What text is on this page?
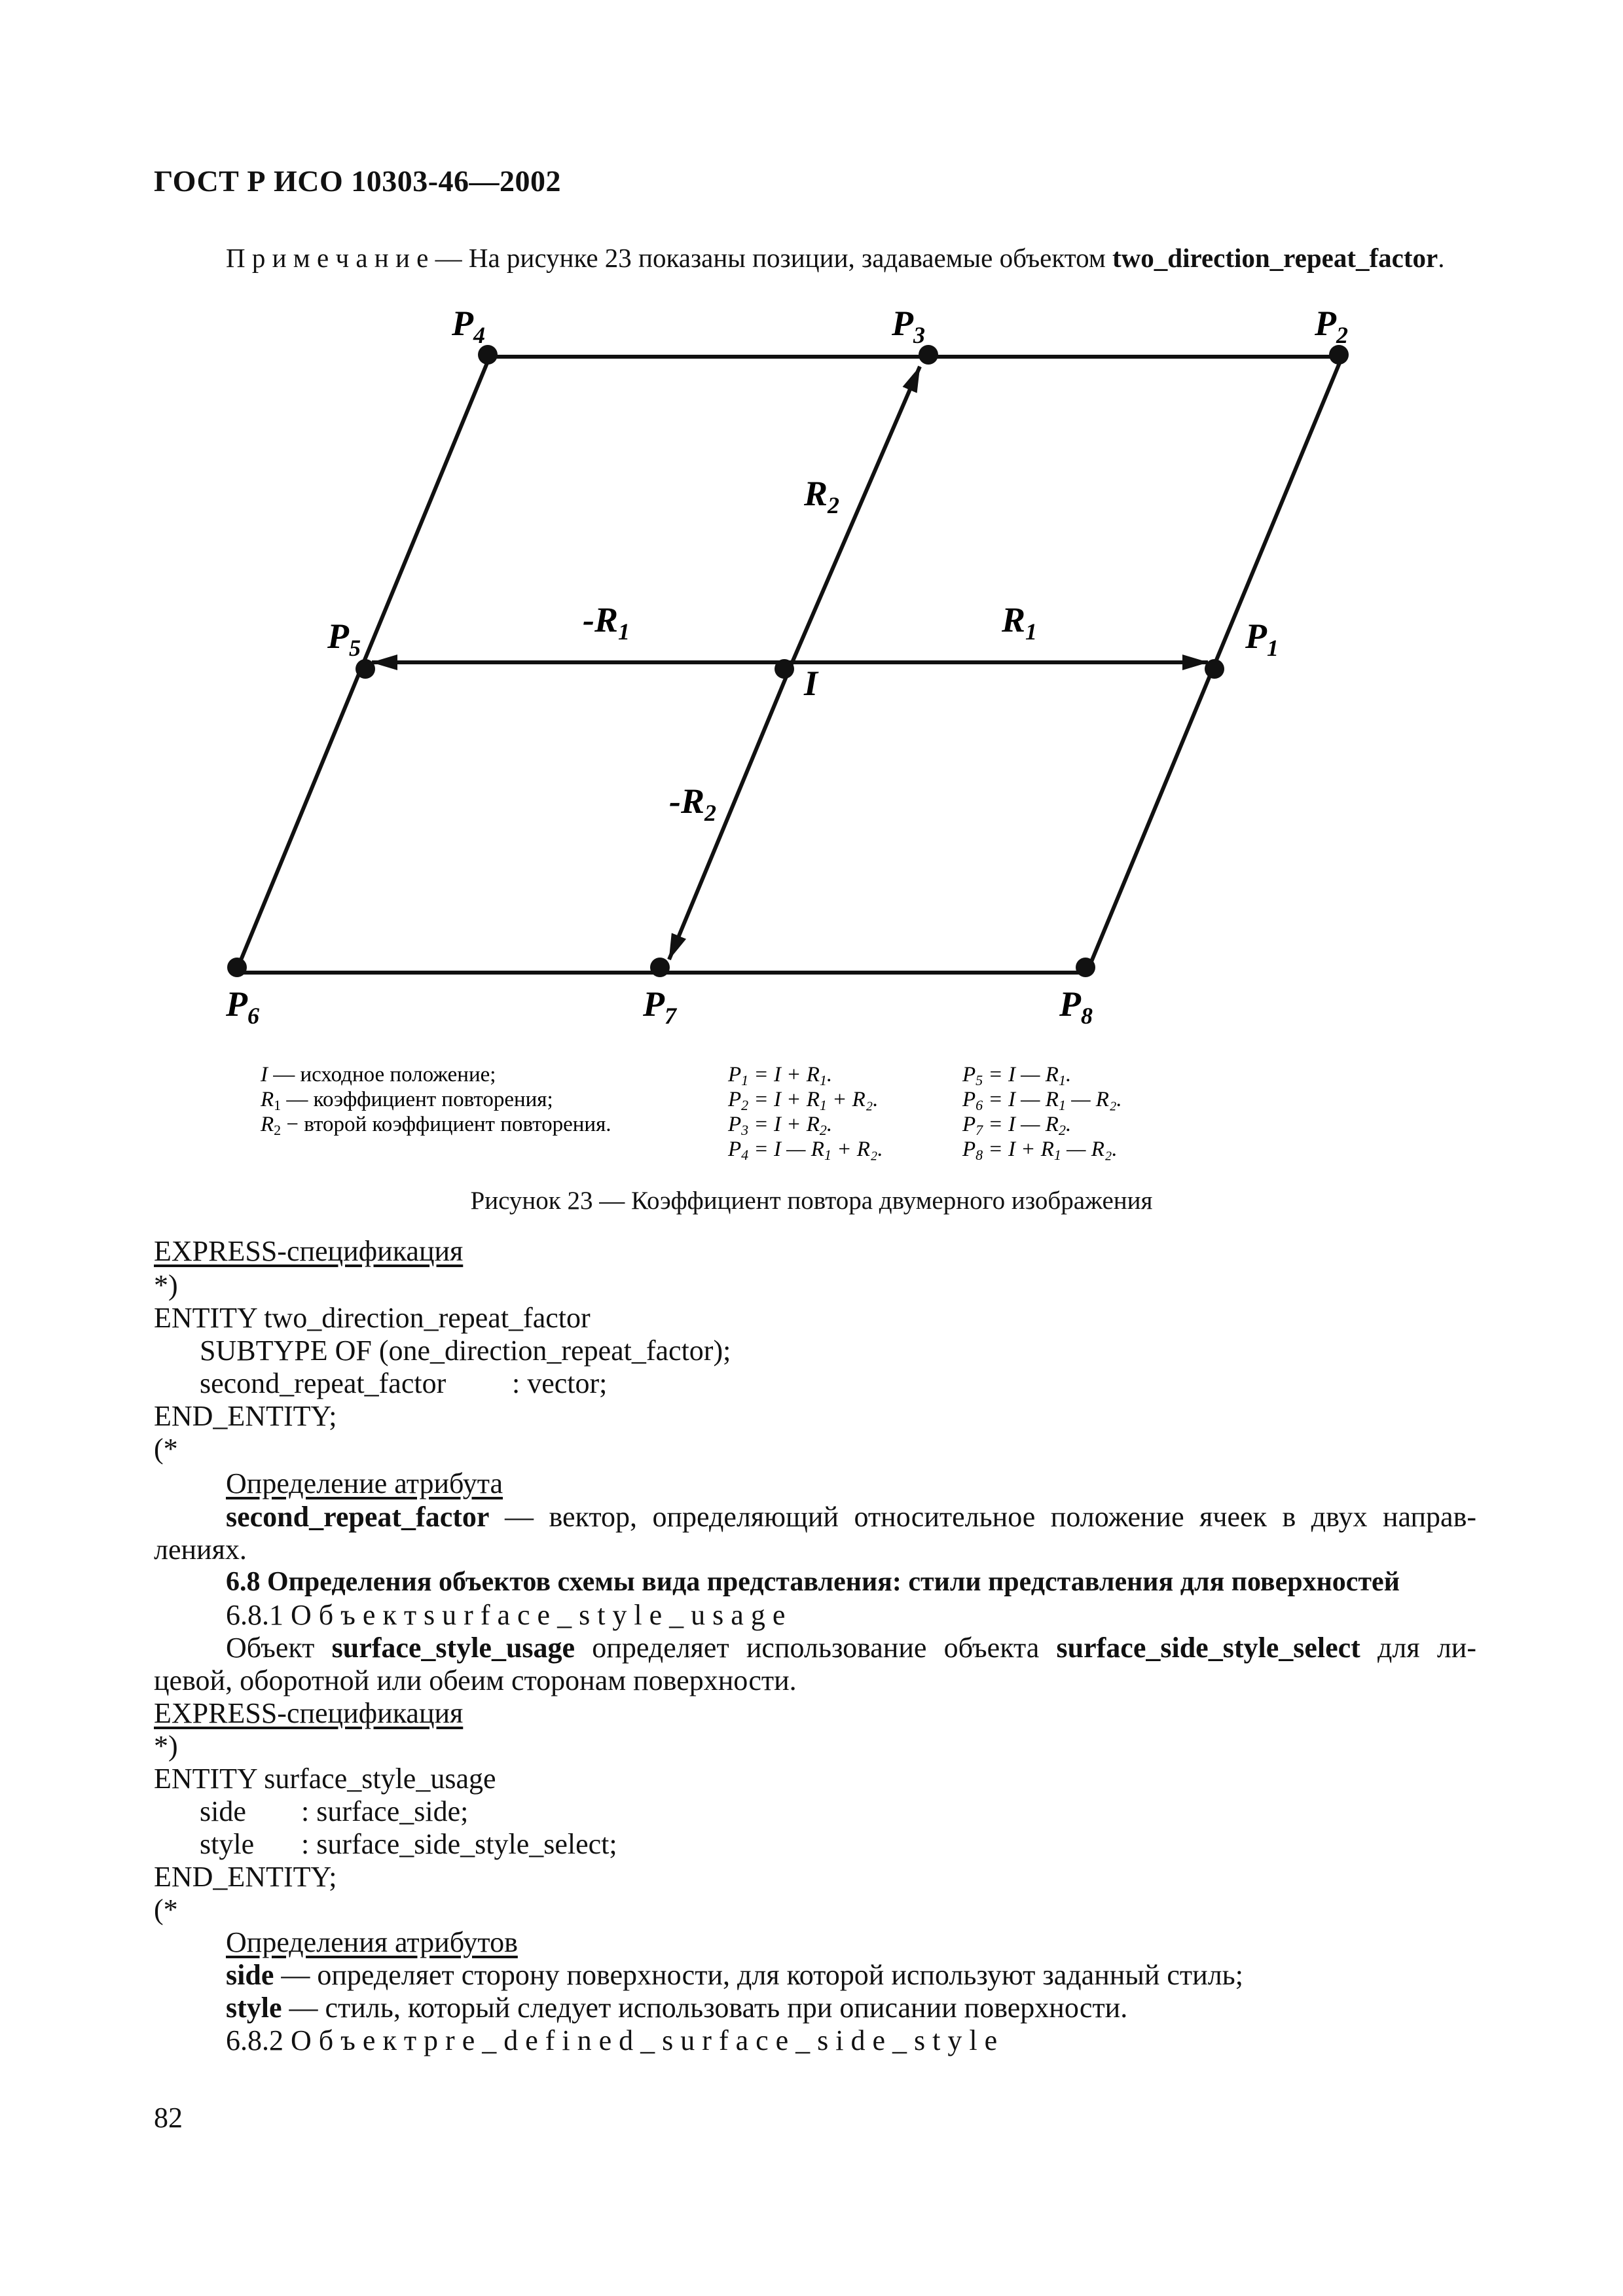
ГОСТ Р ИСО 10303-46—2002
П р и м е ч а н и е — На рисунке 23 показаны позиции, задаваемые объектом two_direction_repeat_factor.
$P_4$	$P_3$	$P_2$
$P_5$	$P_1$
I
$P_6$	$P_7$	$P_8$
$R_2$
$-R_1$	$R_1$
$-R_2$
I — исходное положение;
R1 — коэффициент повторения;
R2 − второй коэффициент повторения.
P1 = I + R1.
P2 = I + R1 + R₂.
P3 = I + R2.
P4 = I — R1 + R₂.
P5 = I — R1.
P6 = I — R1 — R₂.
P7 = I — R2.
P8 = I + R1 — R₂.
Рисунок 23 — Коэффициент повтора двумерного изображения
EXPRESS-спецификация
*)
ENTITY two_direction_repeat_factor
SUBTYPE OF (one_direction_repeat_factor);
second_repeat_factor : vector;
END_ENTITY;
(*
Определение атрибута
second_repeat_factor — вектор, определяющий относительное положение ячеек в двух направ-
лениях.
6.8 Определения объектов схемы вида представления: стили представления для поверхностей
6.8.1 О б ъ е к т s u r f a c e _ s t y l e _ u s a g e
Объект surface_style_usage определяет использование объекта surface_side_style_select для ли-
цевой, оборотной или обеим сторонам поверхности.
EXPRESS-спецификация
*)
ENTITY surface_style_usage
side : surface_side;
style : surface_side_style_select;
END_ENTITY;
(*
Определения атрибутов
side — определяет сторону поверхности, для которой используют заданный стиль;
style — стиль, который следует использовать при описании поверхности.
6.8.2 О б ъ е к т p r e _ d e f i n e d _ s u r f a c e _ s i d e _ s t y l e
82
